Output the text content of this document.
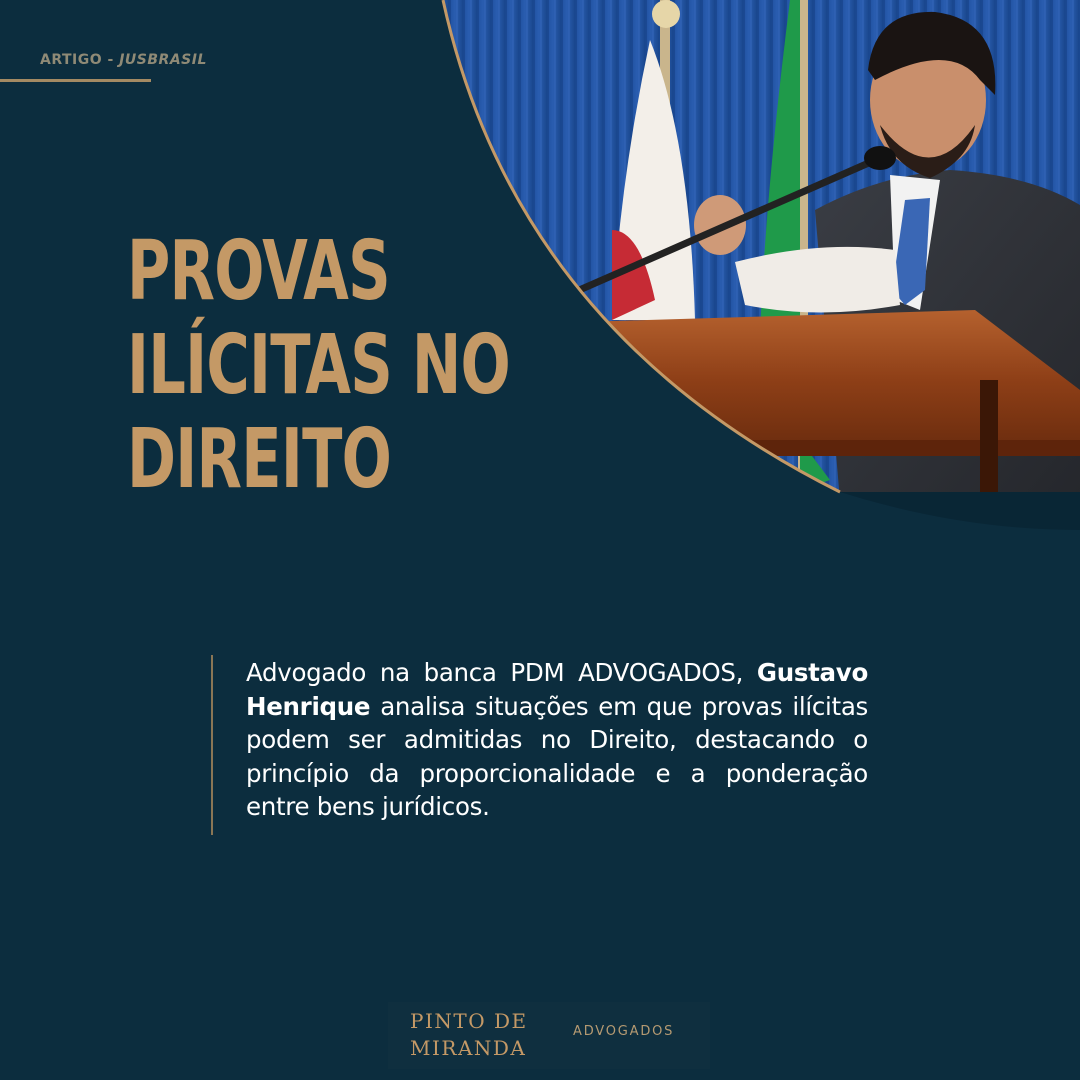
ARTIGO - JUSBRASIL
PROVAS
ILÍCITAS NO
DIREITO
Advogado na banca PDM ADVOGADOS, Gustavo Henrique analisa situações em que provas ilícitas podem ser admitidas no Direito, destacando o princípio da proporcionalidade e a ponderação entre bens jurídicos.
PINTO DE
MIRANDA
ADVOGADOS
